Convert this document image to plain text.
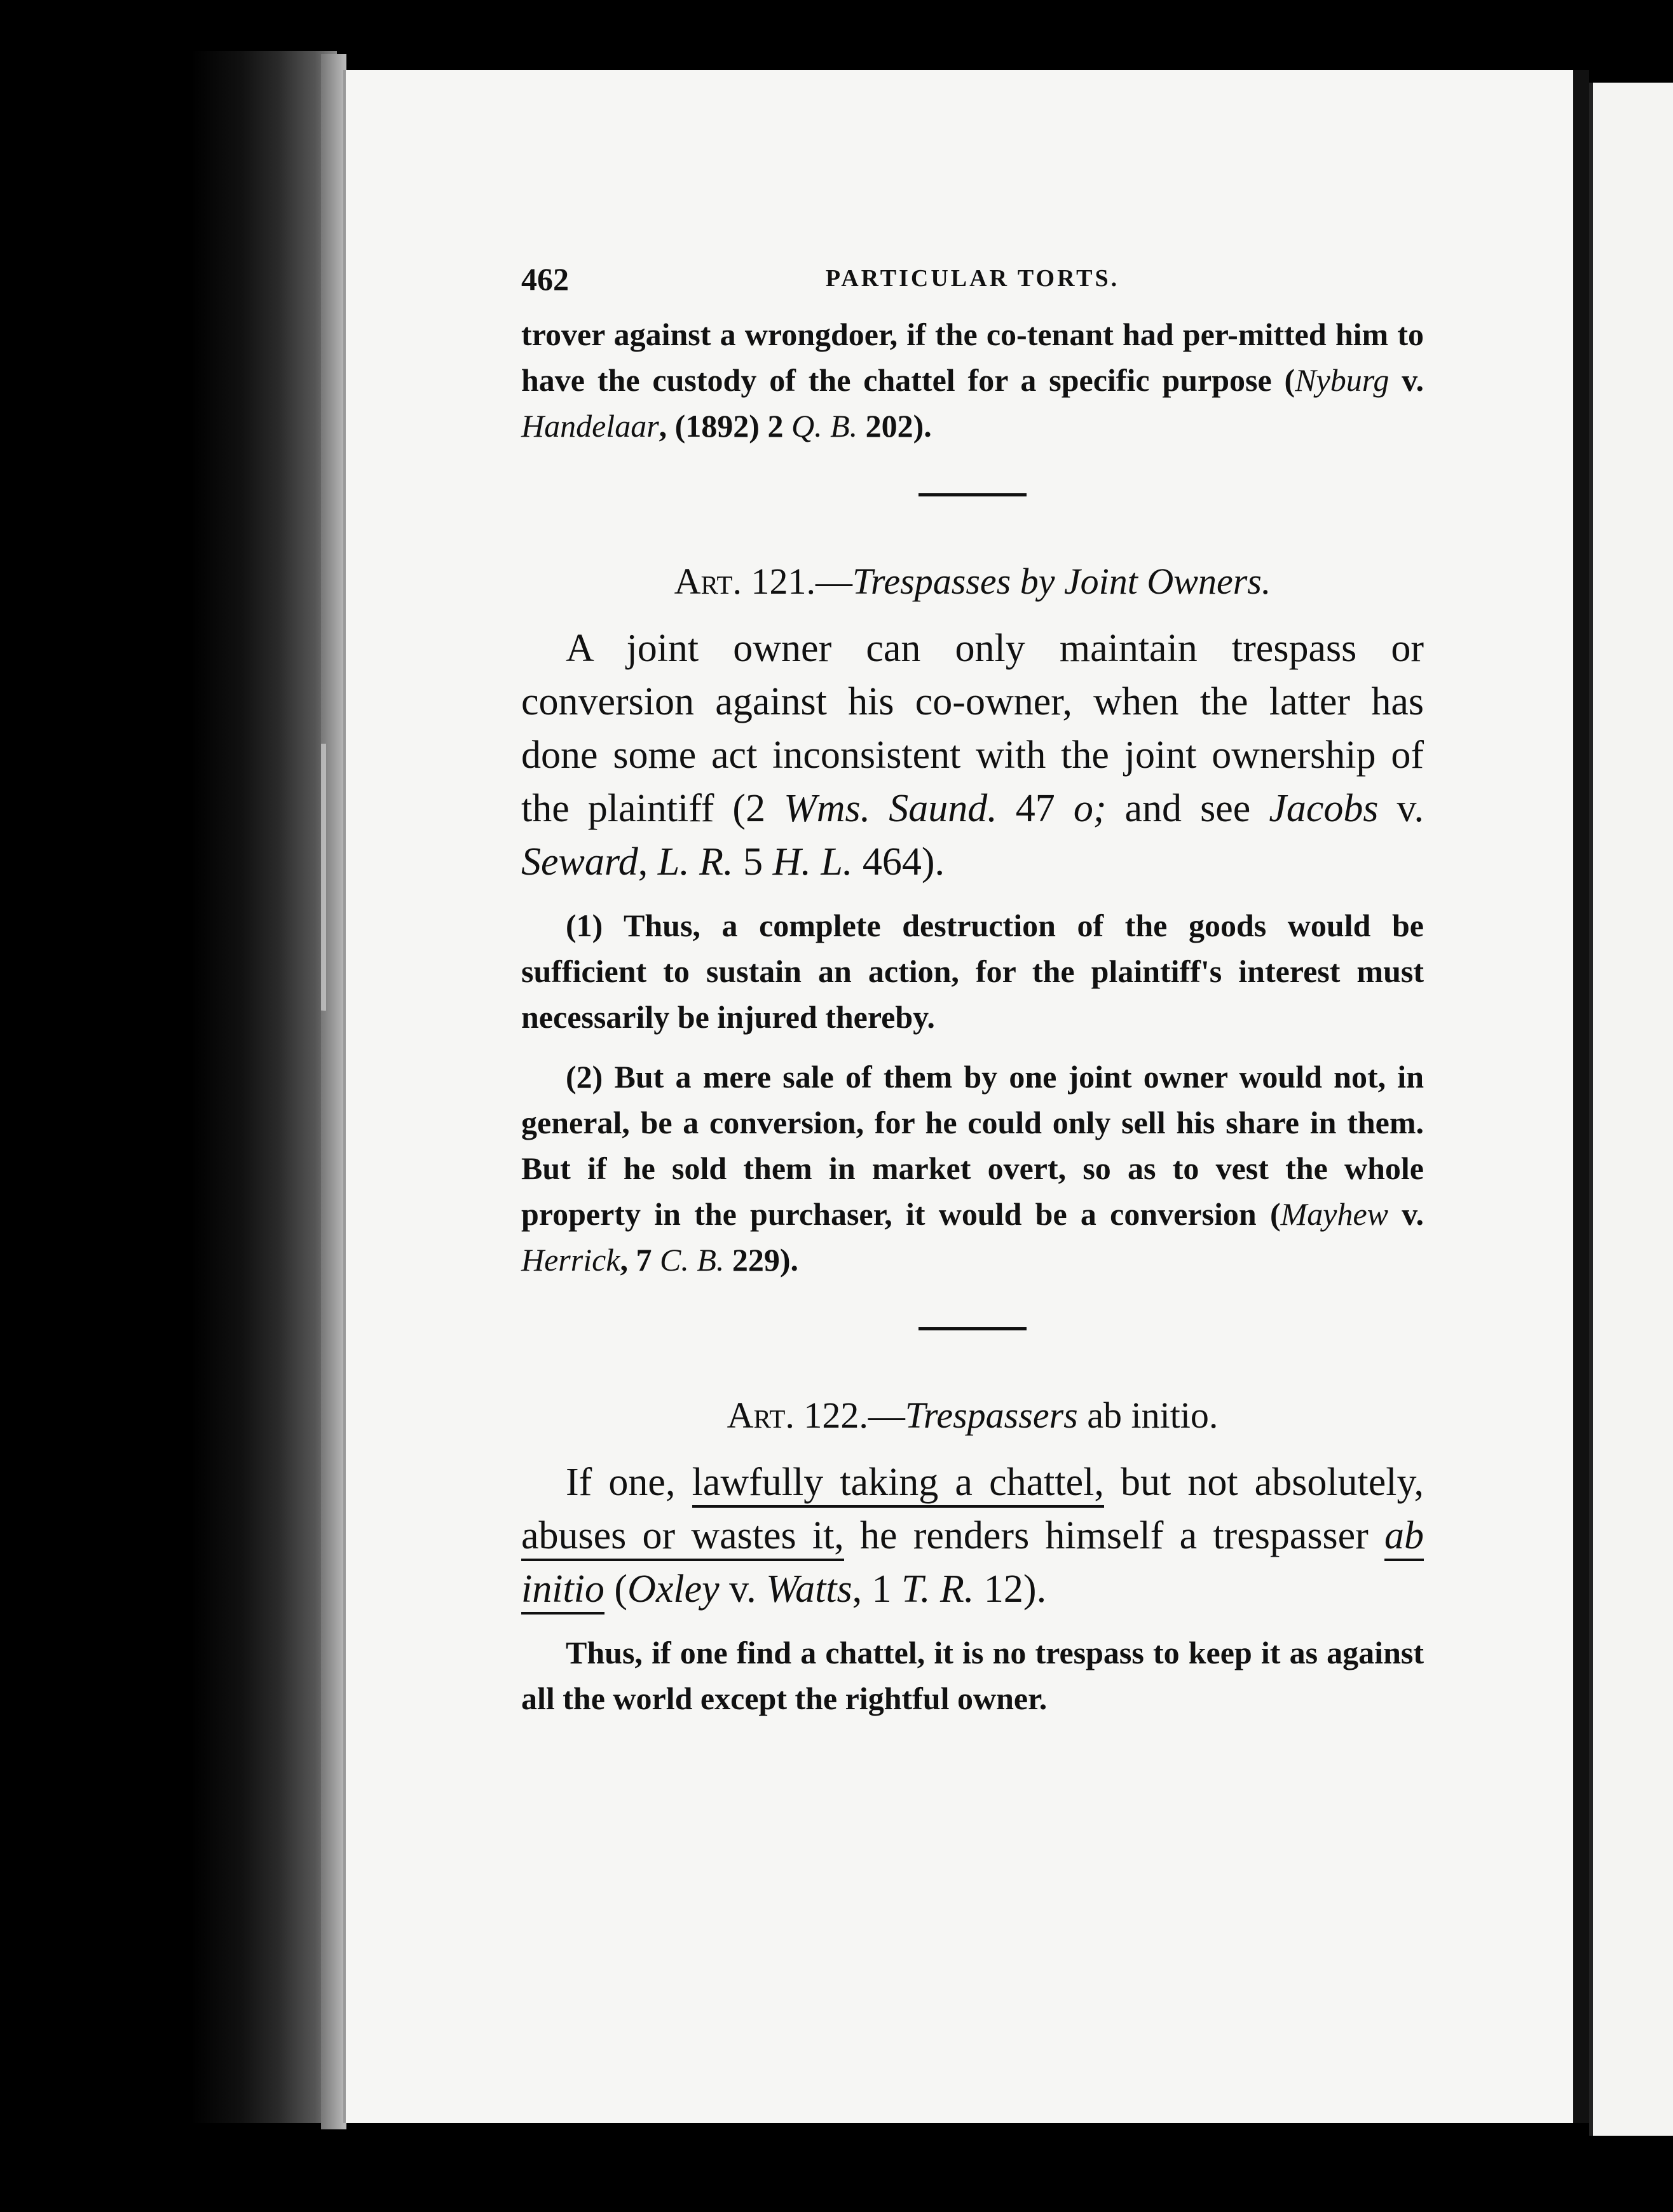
462	PARTICULAR TORTS.

trover against a wrongdoer, if the co-tenant had per-mitted him to have the custody of the chattel for a specific purpose (Nyburg v. Handelaar, (1892) 2 Q. B. 202).

Art. 121.—Trespasses by Joint Owners.

A joint owner can only maintain trespass or conversion against his co-owner, when the latter has done some act inconsistent with the joint ownership of the plaintiff (2 Wms. Saund. 47 o; and see Jacobs v. Seward, L. R. 5 H. L. 464).

(1) Thus, a complete destruction of the goods would be sufficient to sustain an action, for the plaintiff's interest must necessarily be injured thereby.

(2) But a mere sale of them by one joint owner would not, in general, be a conversion, for he could only sell his share in them. But if he sold them in market overt, so as to vest the whole property in the purchaser, it would be a conversion (Mayhew v. Herrick, 7 C. B. 229).

Art. 122.—Trespassers ab initio.

If one, lawfully taking a chattel, but not absolutely, abuses or wastes it, he renders himself a trespasser ab initio (Oxley v. Watts, 1 T. R. 12).

Thus, if one find a chattel, it is no trespass to keep it as against all the world except the rightful owner.
